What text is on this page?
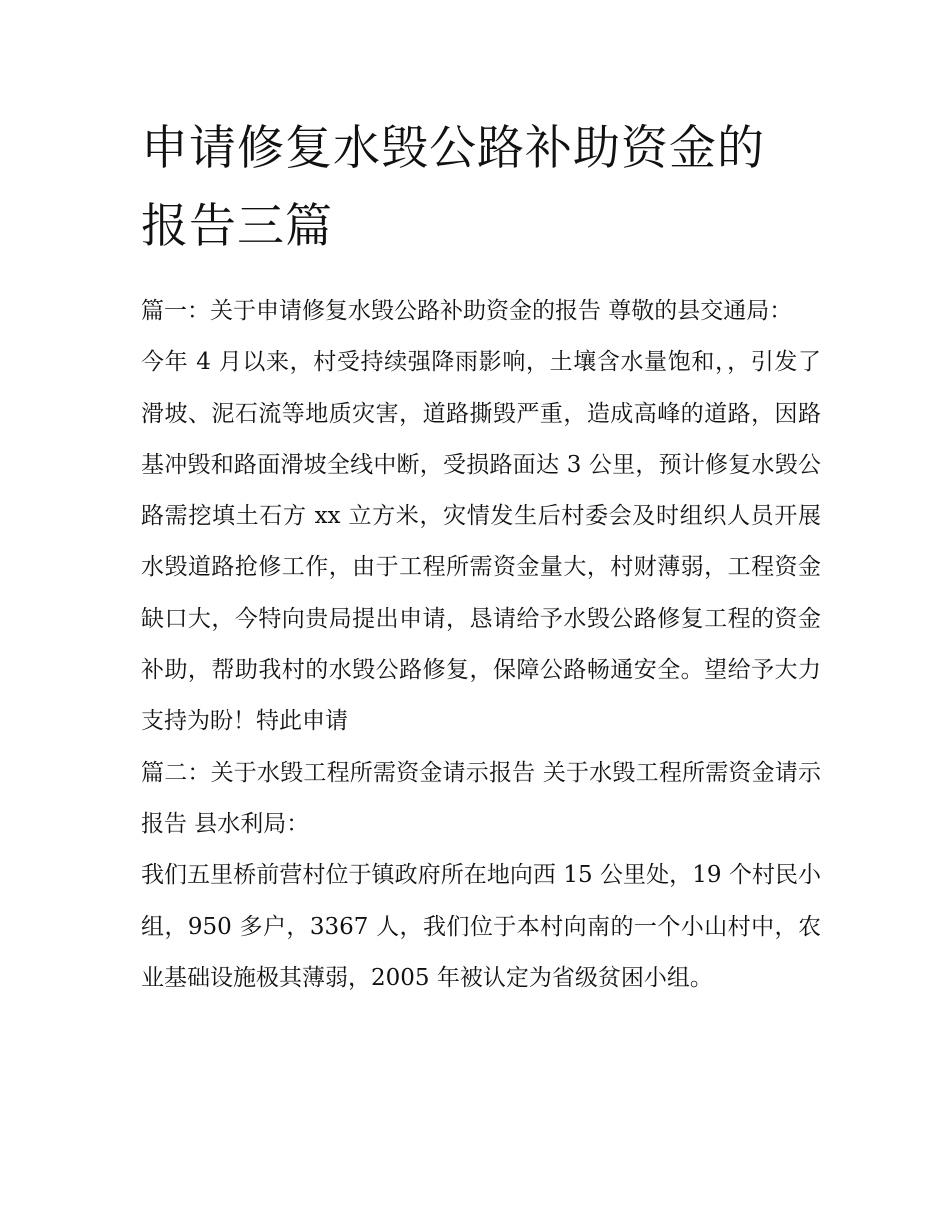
申请修复水毁公路补助资金的
报告三篇

篇一：关于申请修复水毁公路补助资金的报告 尊敬的县交通局：

今年 4 月以来，村受持续强降雨影响，土壤含水量饱和，，引发了滑坡、泥石流等地质灾害，道路撕毁严重，造成高峰的道路，因路基冲毁和路面滑坡全线中断，受损路面达 3 公里，预计修复水毁公路需挖填土石方 xx 立方米，灾情发生后村委会及时组织人员开展水毁道路抢修工作，由于工程所需资金量大，村财薄弱，工程资金缺口大，今特向贵局提出申请，恳请给予水毁公路修复工程的资金补助，帮助我村的水毁公路修复，保障公路畅通安全。望给予大力支持为盼！特此申请

篇二：关于水毁工程所需资金请示报告 关于水毁工程所需资金请示报告 县水利局：

我们五里桥前营村位于镇政府所在地向西 15 公里处，19 个村民小组，950 多户，3367 人，我们位于本村向南的一个小山村中，农业基础设施极其薄弱，2005 年被认定为省级贫困小组。
